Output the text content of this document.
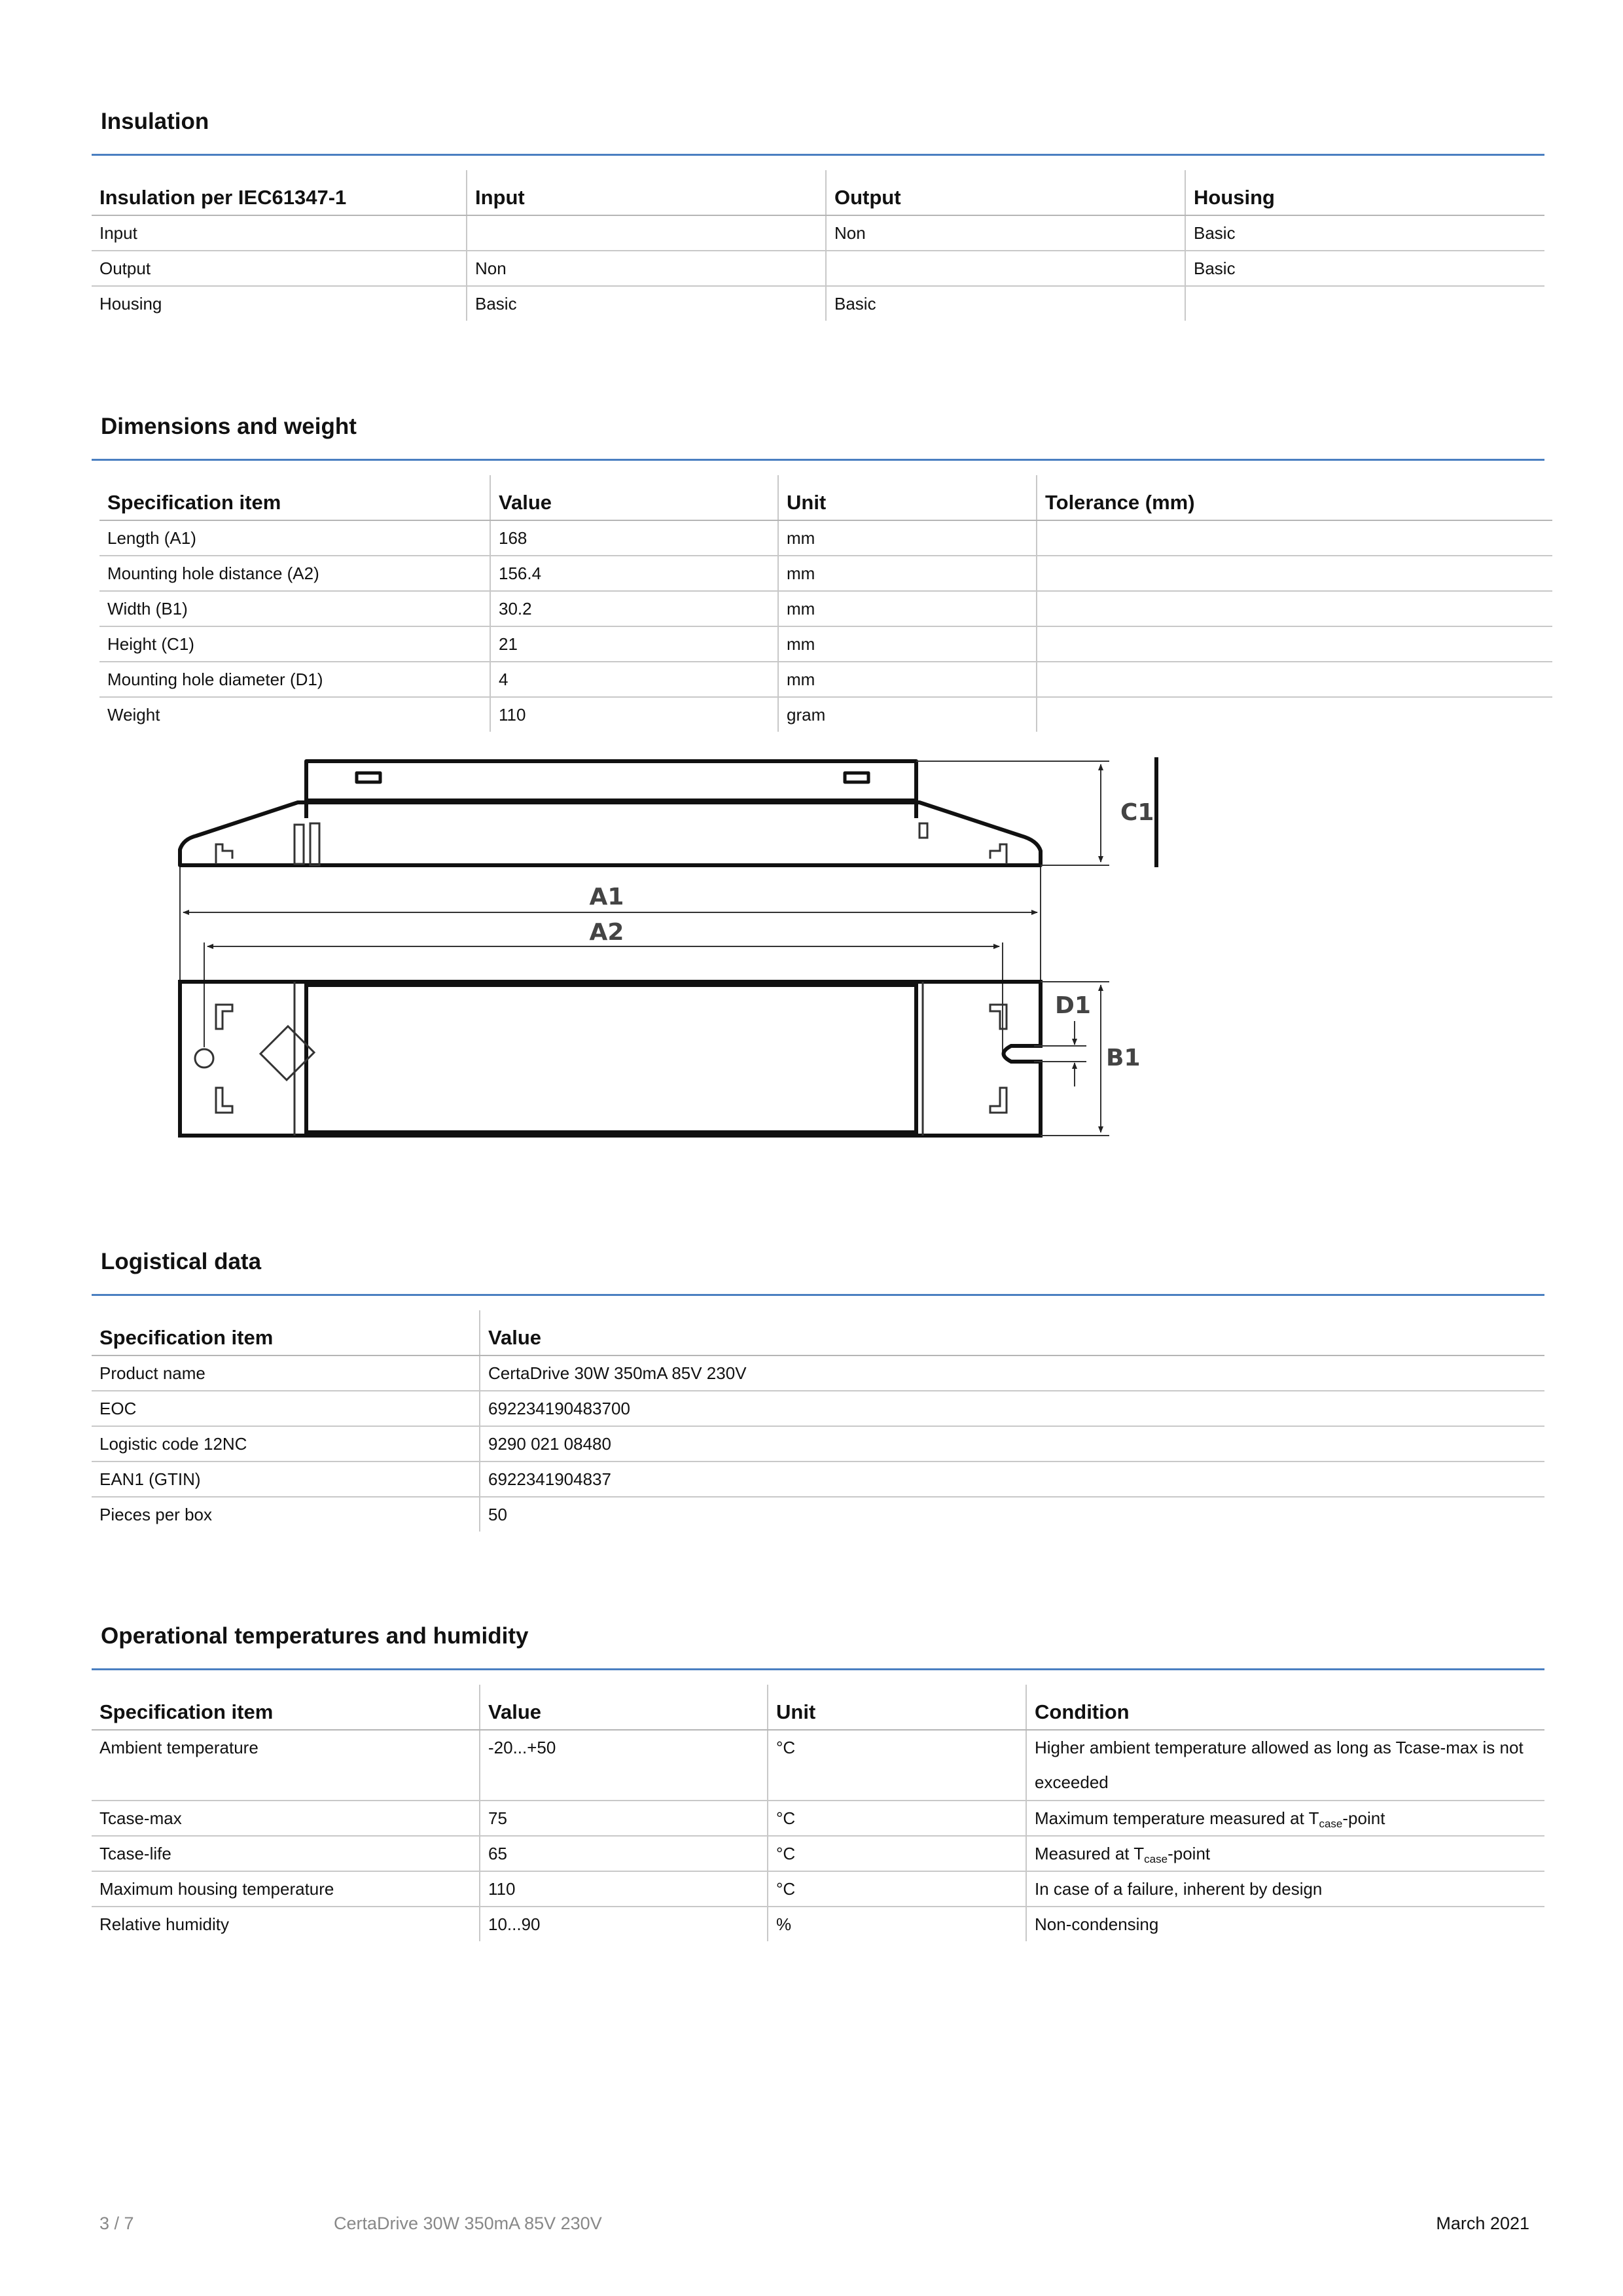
Insulation
Insulation per IEC61347-1	Input	Output	Housing
Input		Non	Basic
Output	Non		Basic
Housing	Basic	Basic	
Dimensions and weight
Specification item	Value	Unit	Tolerance (mm)
Length (A1)	168	mm	
Mounting hole distance (A2)	156.4	mm	
Width (B1)	30.2	mm	
Height (C1)	21	mm	
Mounting hole diameter (D1)	4	mm	
Weight	110	gram	
C1
A1
A2
D1
B1
Logistical data
Specification item	Value
Product name	CertaDrive 30W 350mA 85V 230V
EOC	692234190483700
Logistic code 12NC	9290 021 08480
EAN1 (GTIN)	6922341904837
Pieces per box	50
Operational temperatures and humidity
Specification item	Value	Unit	Condition
Ambient temperature	-20...+50	°C	Higher ambient temperature allowed as long as Tcase-max is not exceeded
Tcase-max	75	°C	Maximum temperature measured at $T_{case}$-point
Tcase-life	65	°C	Measured at $T_{case}$-point
Maximum housing temperature	110	°C	In case of a failure, inherent by design
Relative humidity	10...90	%	Non-condensing
3 / 7	CertaDrive 30W 350mA 85V 230V	March 2021
